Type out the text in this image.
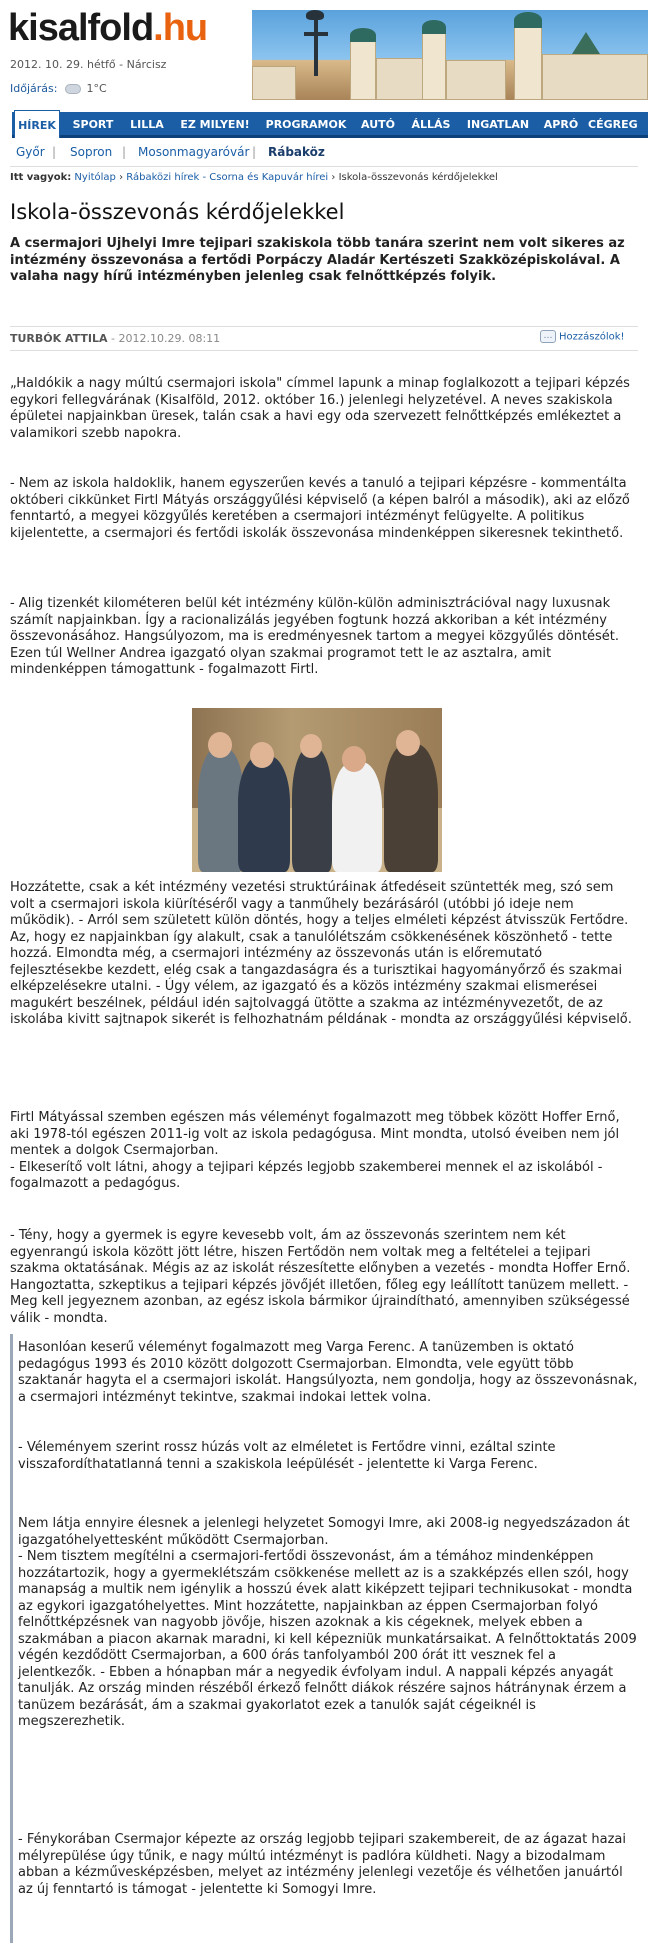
kisalfold.hu
2012. 10. 29. hétfő - Nárcisz
Időjárás:	1°C
HÍREK	SPORT	LILLA	EZ MILYEN!	PROGRAMOK	AUTÓ	ÁLLÁS	INGATLAN	APRÓ CÉGREG
Győr | Sopron | Mosonmagyaróvár | Rábaköz
Itt vagyok: Nyitólap › Rábaközi hírek - Csorna és Kapuvár hírei › Iskola-összevonás kérdőjelekkel
Iskola-összevonás kérdőjelekkel
A csermajori Ujhelyi Imre tejipari szakiskola több tanára szerint nem volt sikeres az intézmény összevonása a fertődi Porpáczy Aladár Kertészeti Szakközépiskolával. A valaha nagy hírű intézményben jelenleg csak felnőttképzés folyik.
TURBÓK ATTILA - 2012.10.29. 08:11	… Hozzászólok!
„Haldókik a nagy múltú csermajori iskola" címmel lapunk a minap foglalkozott a tejipari képzés egykori fellegvárának (Kisalföld, 2012. október 16.) jelenlegi helyzetével. A neves szakiskola épületei napjainkban üresek, talán csak a havi egy oda szervezett felnőttképzés emlékeztet a valamikori szebb napokra.
- Nem az iskola haldoklik, hanem egyszerűen kevés a tanuló a tejipari képzésre - kommentálta októberi cikkünket Firtl Mátyás országgyűlési képviselő (a képen balról a második), aki az előző fenntartó, a megyei közgyűlés keretében a csermajori intézményt felügyelte. A politikus kijelentette, a csermajori és fertődi iskolák összevonása mindenképpen sikeresnek tekinthető.
- Alig tizenkét kilométeren belül két intézmény külön-külön adminisztrációval nagy luxusnak számít napjainkban. Így a racionalizálás jegyében fogtunk hozzá akkoriban a két intézmény összevonásához. Hangsúlyozom, ma is eredményesnek tartom a megyei közgyűlés döntését. Ezen túl Wellner Andrea igazgató olyan szakmai programot tett le az asztalra, amit mindenképpen támogattunk - fogalmazott Firtl.
Hozzátette, csak a két intézmény vezetési struktúráinak átfedéseit szüntették meg, szó sem volt a csermajori iskola kiürítéséről vagy a tanműhely bezárásáról (utóbbi jó ideje nem működik). - Arról sem született külön döntés, hogy a teljes elméleti képzést átvisszük Fertődre. Az, hogy ez napjainkban így alakult, csak a tanulólétszám csökkenésének köszönhető - tette hozzá. Elmondta még, a csermajori intézmény az összevonás után is előremutató fejlesztésekbe kezdett, elég csak a tangazdaságra és a turisztikai hagyományőrző és szakmai elképzelésekre utalni. - Úgy vélem, az igazgató és a közös intézmény szakmai elismerései magukért beszélnek, például idén sajtolvaggá ütötte a szakma az intézményvezetőt, de az iskolába kivitt sajtnapok sikerét is felhozhatnám példának - mondta az országgyűlési képviselő.
Firtl Mátyással szemben egészen más véleményt fogalmazott meg többek között Hoffer Ernő, aki 1978-tól egészen 2011-ig volt az iskola pedagógusa. Mint mondta, utolsó éveiben nem jól mentek a dolgok Csermajorban.
- Elkeserítő volt látni, ahogy a tejipari képzés legjobb szakemberei mennek el az iskolából - fogalmazott a pedagógus.
- Tény, hogy a gyermek is egyre kevesebb volt, ám az összevonás szerintem nem két egyenrangú iskola között jött létre, hiszen Fertődön nem voltak meg a feltételei a tejipari szakma oktatásának. Mégis az az iskolát részesítette előnyben a vezetés - mondta Hoffer Ernő. Hangoztatta, szkeptikus a tejipari képzés jövőjét illetően, főleg egy leállított tanüzem mellett. - Meg kell jegyeznem azonban, az egész iskola bármikor újraindítható, amennyiben szükségessé válik - mondta.
Hasonlóan keserű véleményt fogalmazott meg Varga Ferenc. A tanüzemben is oktató pedagógus 1993 és 2010 között dolgozott Csermajorban. Elmondta, vele együtt több szaktanár hagyta el a csermajori iskolát. Hangsúlyozta, nem gondolja, hogy az összevonásnak, a csermajori intézményt tekintve, szakmai indokai lettek volna.
- Véleményem szerint rossz húzás volt az elméletet is Fertődre vinni, ezáltal szinte visszafordíthatatlanná tenni a szakiskola leépülését - jelentette ki Varga Ferenc.
Nem látja ennyire élesnek a jelenlegi helyzetet Somogyi Imre, aki 2008-ig negyedszázadon át igazgatóhelyettesként működött Csermajorban.
- Nem tisztem megítélni a csermajori-fertődi összevonást, ám a témához mindenképpen hozzátartozik, hogy a gyermeklétszám csökkenése mellett az is a szakképzés ellen szól, hogy manapság a multik nem igénylik a hosszú évek alatt kiképzett tejipari technikusokat - mondta az egykori igazgatóhelyettes. Mint hozzátette, napjainkban az éppen Csermajorban folyó felnőttképzésnek van nagyobb jövője, hiszen azoknak a kis cégeknek, melyek ebben a szakmában a piacon akarnak maradni, ki kell képezniük munkatársaikat. A felnőttoktatás 2009 végén kezdődött Csermajorban, a 600 órás tanfolyamból 200 órát itt vesznek fel a jelentkezők. - Ebben a hónapban már a negyedik évfolyam indul. A nappali képzés anyagát tanulják. Az ország minden részéből érkező felnőtt diákok részére sajnos hátránynak érzem a tanüzem bezárását, ám a szakmai gyakorlatot ezek a tanulók saját cégeiknél is megszerezhetik.
- Fénykorában Csermajor képezte az ország legjobb tejipari szakembereit, de az ágazat hazai mélyrepülése úgy tűnik, e nagy múltú intézményt is padlóra küldheti. Nagy a bizodalmam abban a kézművesképzésben, melyet az intézmény jelenlegi vezetője és vélhetően januártól az új fenntartó is támogat - jelentette ki Somogyi Imre.
